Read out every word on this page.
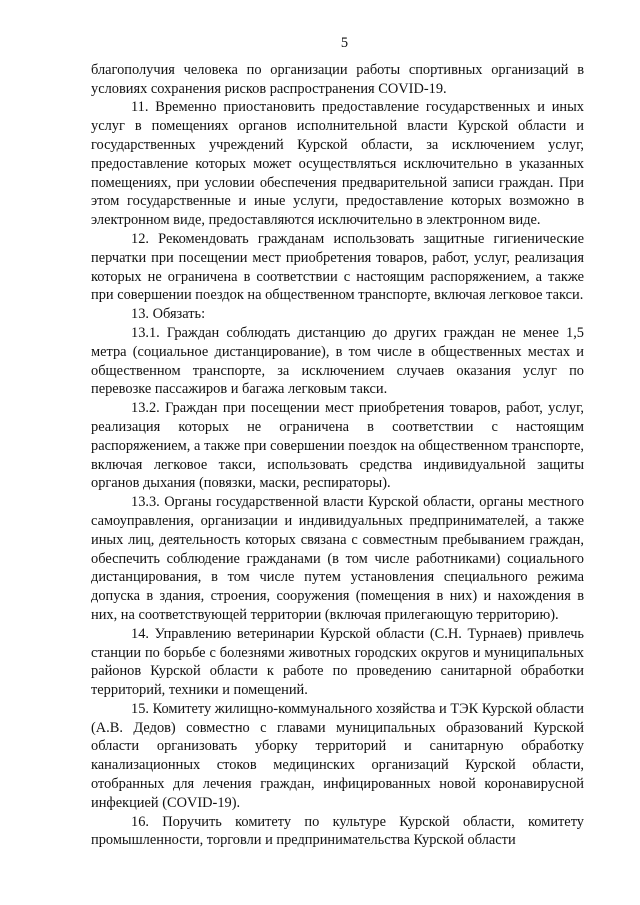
5

благополучия человека по организации работы спортивных организаций в условиях сохранения рисков распространения COVID-19.

11. Временно приостановить предоставление государственных и иных услуг в помещениях органов исполнительной власти Курской области и государственных учреждений Курской области, за исключением услуг, предоставление которых может осуществляться исключительно в указанных помещениях, при условии обеспечения предварительной записи граждан. При этом государственные и иные услуги, предоставление которых возможно в электронном виде, предоставляются исключительно в электронном виде.

12. Рекомендовать гражданам использовать защитные гигиенические перчатки при посещении мест приобретения товаров, работ, услуг, реализация которых не ограничена в соответствии с настоящим распоряжением, а также при совершении поездок на общественном транспорте, включая легковое такси.

13. Обязать:

13.1. Граждан соблюдать дистанцию до других граждан не менее 1,5 метра (социальное дистанцирование), в том числе в общественных местах и общественном транспорте, за исключением случаев оказания услуг по перевозке пассажиров и багажа легковым такси.

13.2. Граждан при посещении мест приобретения товаров, работ, услуг, реализация которых не ограничена в соответствии с настоящим распоряжением, а также при совершении поездок на общественном транспорте, включая легковое такси, использовать средства индивидуальной защиты органов дыхания (повязки, маски, респираторы).

13.3. Органы государственной власти Курской области, органы местного самоуправления, организации и индивидуальных предпринимателей, а также иных лиц, деятельность которых связана с совместным пребыванием граждан, обеспечить соблюдение гражданами (в том числе работниками) социального дистанцирования, в том числе путем установления специального режима допуска в здания, строения, сооружения (помещения в них) и нахождения в них, на соответствующей территории (включая прилегающую территорию).

14. Управлению ветеринарии Курской области (С.Н. Турнаев) привлечь станции по борьбе с болезнями животных городских округов и муниципальных районов Курской области к работе по проведению санитарной обработки территорий, техники и помещений.

15. Комитету жилищно-коммунального хозяйства и ТЭК Курской области (А.В. Дедов) совместно с главами муниципальных образований Курской области организовать уборку территорий и санитарную обработку канализационных стоков медицинских организаций Курской области, отобранных для лечения граждан, инфицированных новой коронавирусной инфекцией (COVID-19).

16. Поручить комитету по культуре Курской области, комитету промышленности, торговли и предпринимательства Курской области
